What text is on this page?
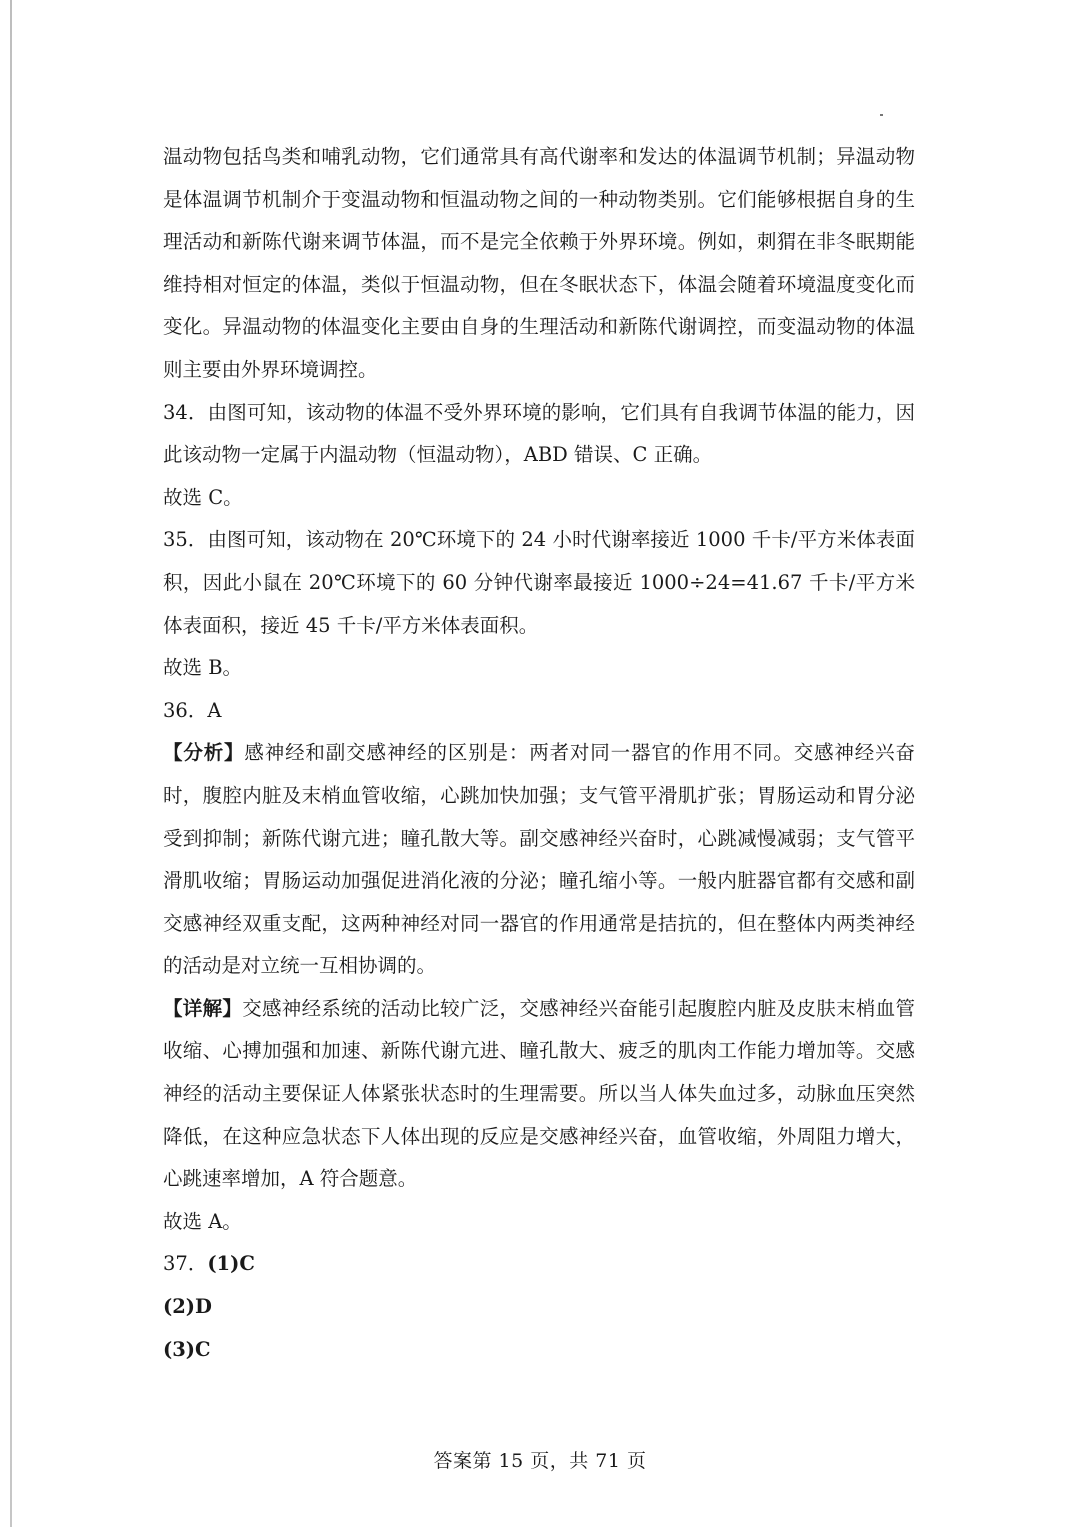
温动物包括鸟类和哺乳动物，它们通常具有高代谢率和发达的体温调节机制；异温动物是体温调节机制介于变温动物和恒温动物之间的一种动物类别。它们能够根据自身的生理活动和新陈代谢来调节体温，而不是完全依赖于外界环境。例如，刺猬在非冬眠期能维持相对恒定的体温，类似于恒温动物，但在冬眠状态下，体温会随着环境温度变化而变化。异温动物的体温变化主要由自身的生理活动和新陈代谢调控，而变温动物的体温则主要由外界环境调控。

34．由图可知，该动物的体温不受外界环境的影响，它们具有自我调节体温的能力，因此该动物一定属于内温动物（恒温动物），ABD 错误、C 正确。

故选 C。

35．由图可知，该动物在 20℃环境下的 24 小时代谢率接近 1000 千卡/平方米体表面积，因此小鼠在 20℃环境下的 60 分钟代谢率最接近 1000÷24=41.67 千卡/平方米体表面积，接近 45 千卡/平方米体表面积。

故选 B。

36．A

【分析】感神经和副交感神经的区别是：两者对同一器官的作用不同。交感神经兴奋时，腹腔内脏及末梢血管收缩，心跳加快加强；支气管平滑肌扩张；胃肠运动和胃分泌受到抑制；新陈代谢亢进；瞳孔散大等。副交感神经兴奋时，心跳减慢减弱；支气管平滑肌收缩；胃肠运动加强促进消化液的分泌；瞳孔缩小等。一般内脏器官都有交感和副交感神经双重支配，这两种神经对同一器官的作用通常是拮抗的，但在整体内两类神经的活动是对立统一互相协调的。

【详解】交感神经系统的活动比较广泛，交感神经兴奋能引起腹腔内脏及皮肤末梢血管收缩、心搏加强和加速、新陈代谢亢进、瞳孔散大、疲乏的肌肉工作能力增加等。交感神经的活动主要保证人体紧张状态时的生理需要。所以当人体失血过多，动脉血压突然降低，在这种应急状态下人体出现的反应是交感神经兴奋，血管收缩，外周阻力增大，心跳速率增加，A 符合题意。

故选 A。

37．(1)C

(2)D

(3)C

答案第 15 页，共 71 页
